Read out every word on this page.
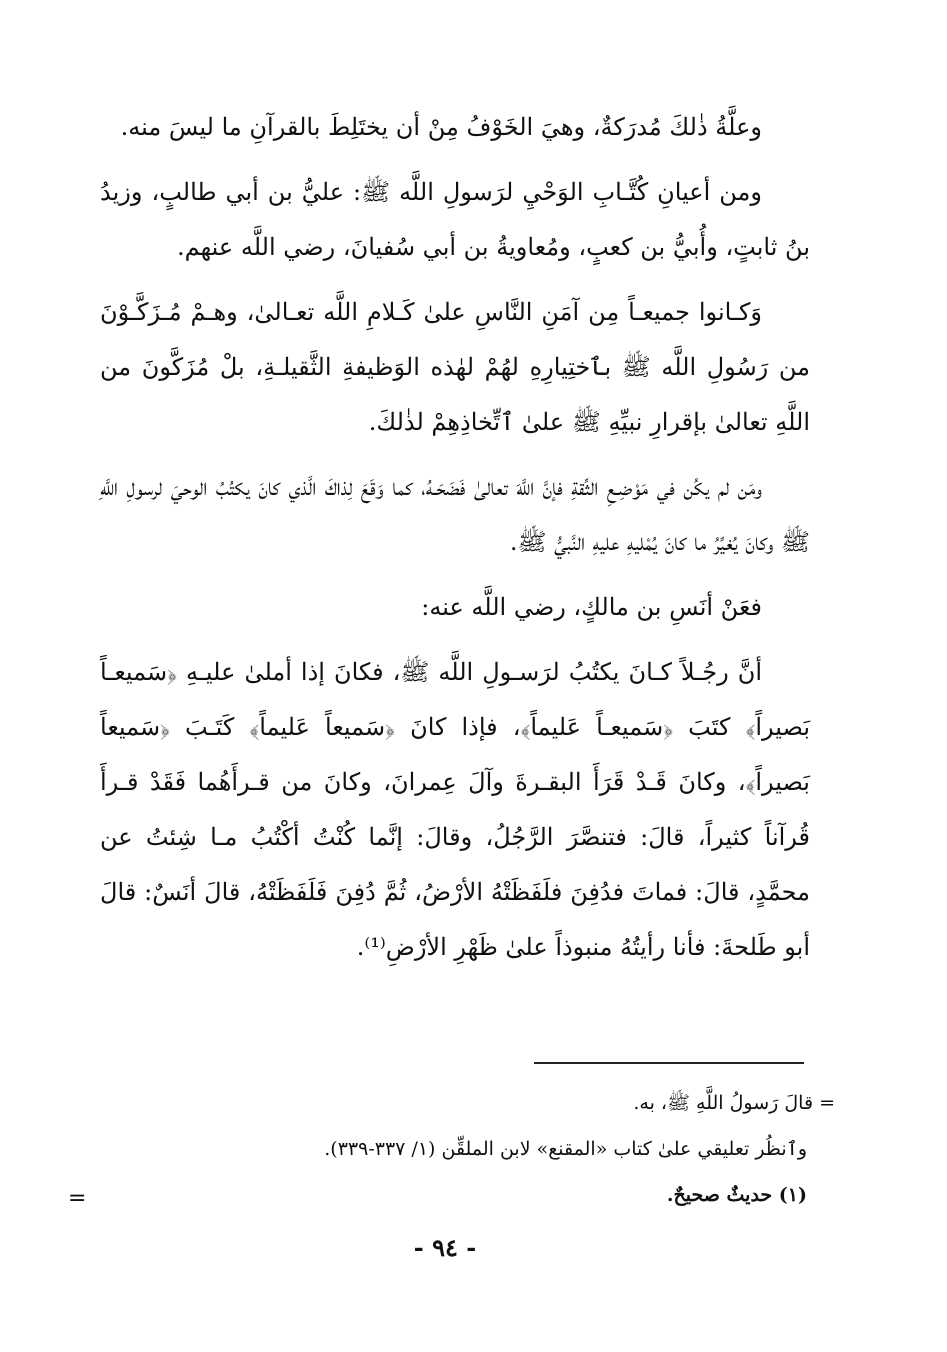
وعلَّةُ ذٰلكَ مُدرَكةٌ، وهيَ الخَوْفُ مِنْ أن يختَلِطَ بالقرآنِ ما ليسَ منه.

ومن أعيانِ كُتَّـابِ الوَحْيِ لرَسولِ اللَّه ﷺ: عليُّ بن أبي طالبٍ، وزيدُ بنُ ثابتٍ، وأُبيُّ بن كعبٍ، ومُعاويةُ بن أبي سُفيانَ، رضي اللَّه عنهم.

وَكـانوا جميعـاً مِن آمَنِ النَّاسِ علىٰ كَـلامِ اللَّه تعـالىٰ، وهـمْ مُـزَكَّـوْنَ من رَسُولِ اللَّه ﷺ بٱختِيارِهِ لهُمْ لهٰذه الوَظيفةِ الثَّقيلـةِ، بلْ مُزَكَّونَ من اللَّهِ تعالىٰ بإقرارِ نبيِّهِ ﷺ علىٰ ٱتِّخاذِهِمْ لذٰلكَ.

ومَن لم يكُن في مَوْضِـعِ الثِّقةِ فإنَّ اللَّهَ تعالىٰ فَضَحَـهُ، كما وَقَعَ لِذاكَ الَّذي كانَ يكتُبُ الوحيَ لرسولِ اللَّهِ ﷺ وكانَ يُغيِّرُ ما كانَ يُمْليهِ عليهِ النَّبيُّ ﷺ.

فعَنْ أنَسِ بن مالكٍ، رضي اللَّه عنه:

أنَّ رجُـلاً كـانَ يكتُبُ لرَسـولِ اللَّه ﷺ، فكانَ إذا أملىٰ عليـهِ ﴿سَميعـاً بَصيراً﴾ كتَبَ ﴿سَميعـاً عَليماً﴾، فإذا كانَ ﴿سَميعاً عَليماً﴾ كَتَـبَ ﴿سَميعاً بَصيراً﴾، وكانَ قَـدْ قَرَأَ البقـرةَ وآلَ عِمرانَ، وكانَ من قـرأَهُما فَقَدْ قـرأَ قُرآناً كثيراً، قالَ: فتنصَّرَ الرَّجُلُ، وقالَ: إنَّما كُنْتُ أكْتُبُ مـا شِئتُ عن محمَّدٍ، قالَ: فماتَ فدُفِنَ فلَفَظَتْهُ الأرْضُ، ثُمَّ دُفِنَ فَلَفَظَتْهُ، قالَ أنَسٌ: قالَ أبو طَلحةَ: فأنا رأيتُهُ منبوذاً علىٰ ظَهْرِ الأرْضِ⁽¹⁾.

= قالَ رَسولُ اللَّهِ ﷺ، به.

وٱنظُر تعليقي علىٰ كتاب «المقنع» لابن الملقِّن (١/ ٣٣٧-٣٣٩).

(١) حديثٌ صحيحٌ.

=
- ٩٤ -
